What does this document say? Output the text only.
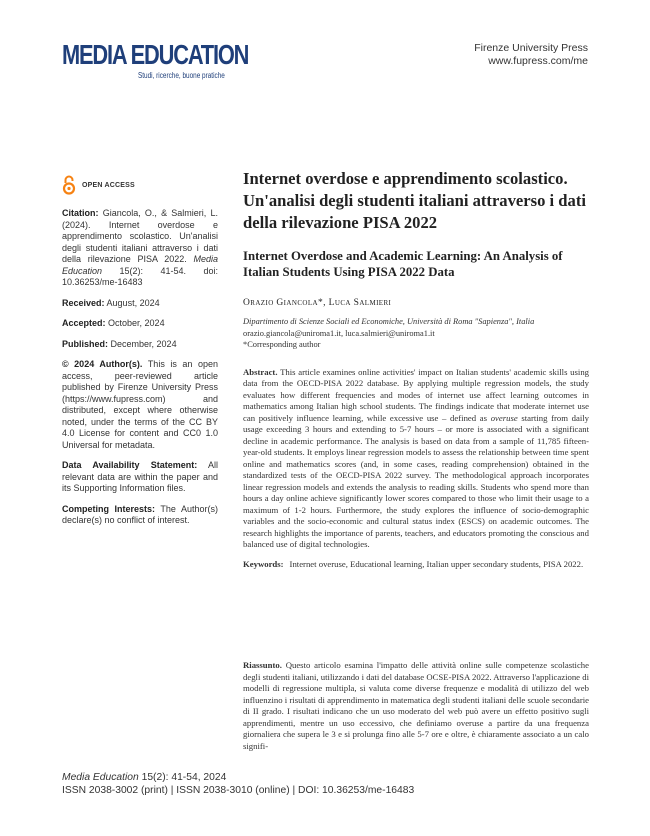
MEDIA EDUCATION
Studi, ricerche, buone pratiche
Firenze University Press
www.fupress.com/me
OPEN ACCESS

Citation: Giancola, O., & Salmieri, L. (2024). Internet overdose e apprendimento scolastico. Un'analisi degli studenti italiani attraverso i dati della rilevazione PISA 2022. Media Education 15(2): 41-54. doi: 10.36253/me-16483

Received: August, 2024

Accepted: October, 2024

Published: December, 2024

© 2024 Author(s). This is an open access, peer-reviewed article published by Firenze University Press (https://www.fupress.com) and distributed, except where otherwise noted, under the terms of the CC BY 4.0 License for content and CC0 1.0 Universal for metadata.

Data Availability Statement: All relevant data are within the paper and its Supporting Information files.

Competing Interests: The Author(s) declare(s) no conflict of interest.

Internet overdose e apprendimento scolastico. Un'analisi degli studenti italiani attraverso i dati della rilevazione PISA 2022
Internet Overdose and Academic Learning: An Analysis of Italian Students Using PISA 2022 Data
Orazio Giancola*, Luca Salmieri
Dipartimento di Scienze Sociali ed Economiche, Università di Roma "Sapienza", Italia
orazio.giancola@uniroma1.it, luca.salmieri@uniroma1.it
*Corresponding author
Abstract. This article examines online activities' impact on Italian students' academic skills using data from the OECD-PISA 2022 database. By applying multiple regression models, the study evaluates how different frequencies and modes of internet use affect learning outcomes in mathematics among Italian high school students. The findings indicate that moderate internet use can positively influence learning, while excessive use – defined as overuse starting from daily usage exceeding 3 hours and extending to 5-7 hours – or more is associated with a significant decline in academic performance. The analysis is based on data from a sample of 11,785 fifteen-year-old students. It employs linear regression models to assess the relationship between time spent online and mathematics scores (and, in some cases, reading comprehension) obtained in the standardized tests of the OECD-PISA 2022 survey. The methodological approach incorporates linear regression models and extends the analysis to reading skills. Students who spend more than hours a day online achieve significantly lower scores compared to those who limit their usage to a maximum of 1-2 hours. Furthermore, the study explores the influence of socio-demographic variables and the socio-economic and cultural status index (ESCS) on academic outcomes. The research highlights the importance of parents, teachers, and educators promoting the conscious and balanced use of digital technologies.
Keywords: Internet overuse, Educational learning, Italian upper secondary students, PISA 2022.
Riassunto. Questo articolo esamina l'impatto delle attività online sulle competenze scolastiche degli studenti italiani, utilizzando i dati del database OCSE-PISA 2022. Attraverso l'applicazione di modelli di regressione multipla, si valuta come diverse frequenze e modalità di utilizzo del web influenzino i risultati di apprendimento in matematica degli studenti italiani delle scuole secondarie di II grado. I risultati indicano che un uso moderato del web può avere un effetto positivo sugli apprendimenti, mentre un uso eccessivo, che definiamo overuse a partire da una frequenza giornaliera che supera le 3 e si prolunga fino alle 5-7 ore e oltre, è chiaramente associato a un calo signifi-
Media Education 15(2): 41-54, 2024
ISSN 2038-3002 (print) | ISSN 2038-3010 (online) | DOI: 10.36253/me-16483
